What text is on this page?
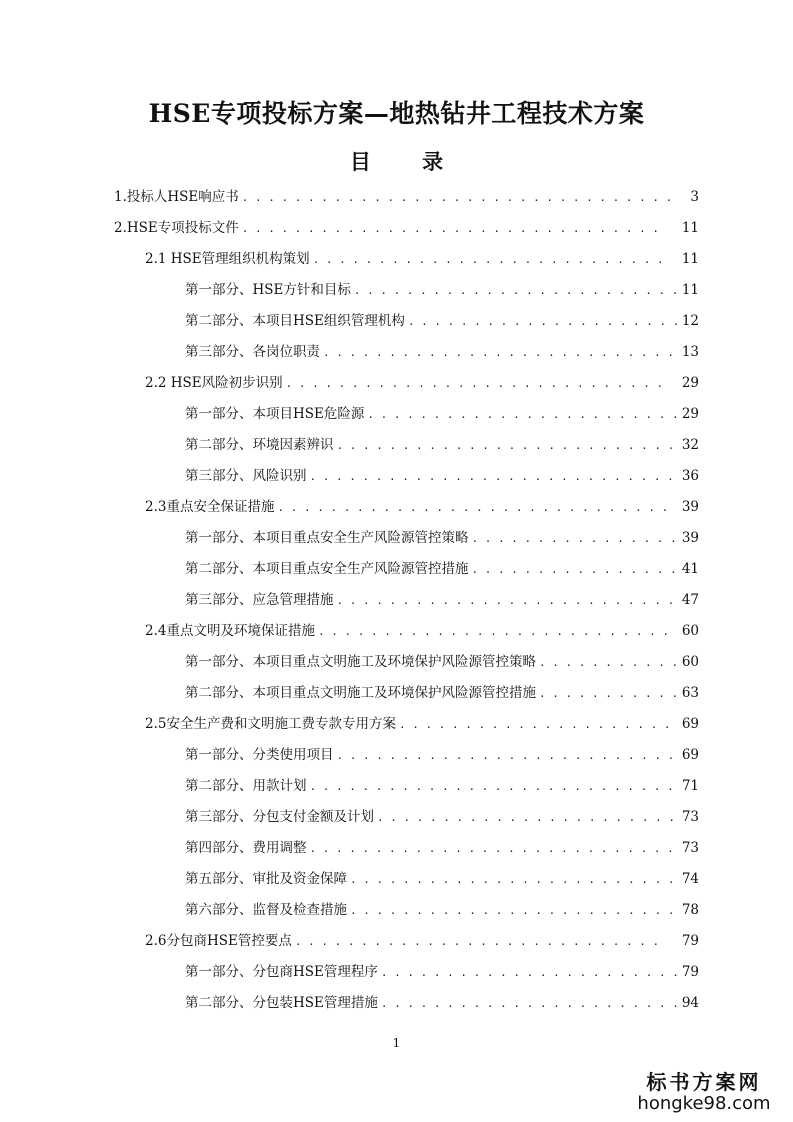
HSE专项投标方案—地热钻井工程技术方案
目 录
1.投标人HSE响应书 . . .	3
2.HSE专项投标文件 . . .	11
2.1 HSE管理组织机构策划 . . .	11
第一部分、HSE方针和目标 . . .	11
第二部分、本项目HSE组织管理机构 . . .	12
第三部分、各岗位职责 . . .	13
2.2 HSE风险初步识别 . . .	29
第一部分、本项目HSE危险源 . . .	29
第二部分、环境因素辨识 . . .	32
第三部分、风险识别 . . .	36
2.3重点安全保证措施 . . .	39
第一部分、本项目重点安全生产风险源管控策略 . . .	39
第二部分、本项目重点安全生产风险源管控措施 . . .	41
第三部分、应急管理措施 . . .	47
2.4重点文明及环境保证措施 . . .	60
第一部分、本项目重点文明施工及环境保护风险源管控策略 . . .	60
第二部分、本项目重点文明施工及环境保护风险源管控措施 . . .	63
2.5安全生产费和文明施工费专款专用方案 . . .	69
第一部分、分类使用项目 . . .	69
第二部分、用款计划 . . .	71
第三部分、分包支付金额及计划 . . .	73
第四部分、费用调整 . . .	73
第五部分、审批及资金保障 . . .	74
第六部分、监督及检查措施 . . .	78
2.6分包商HSE管控要点 . . .	79
第一部分、分包商HSE管理程序 . . .	79
第二部分、分包装HSE管理措施 . . .	94
1
标书方案网
hongke98.com
